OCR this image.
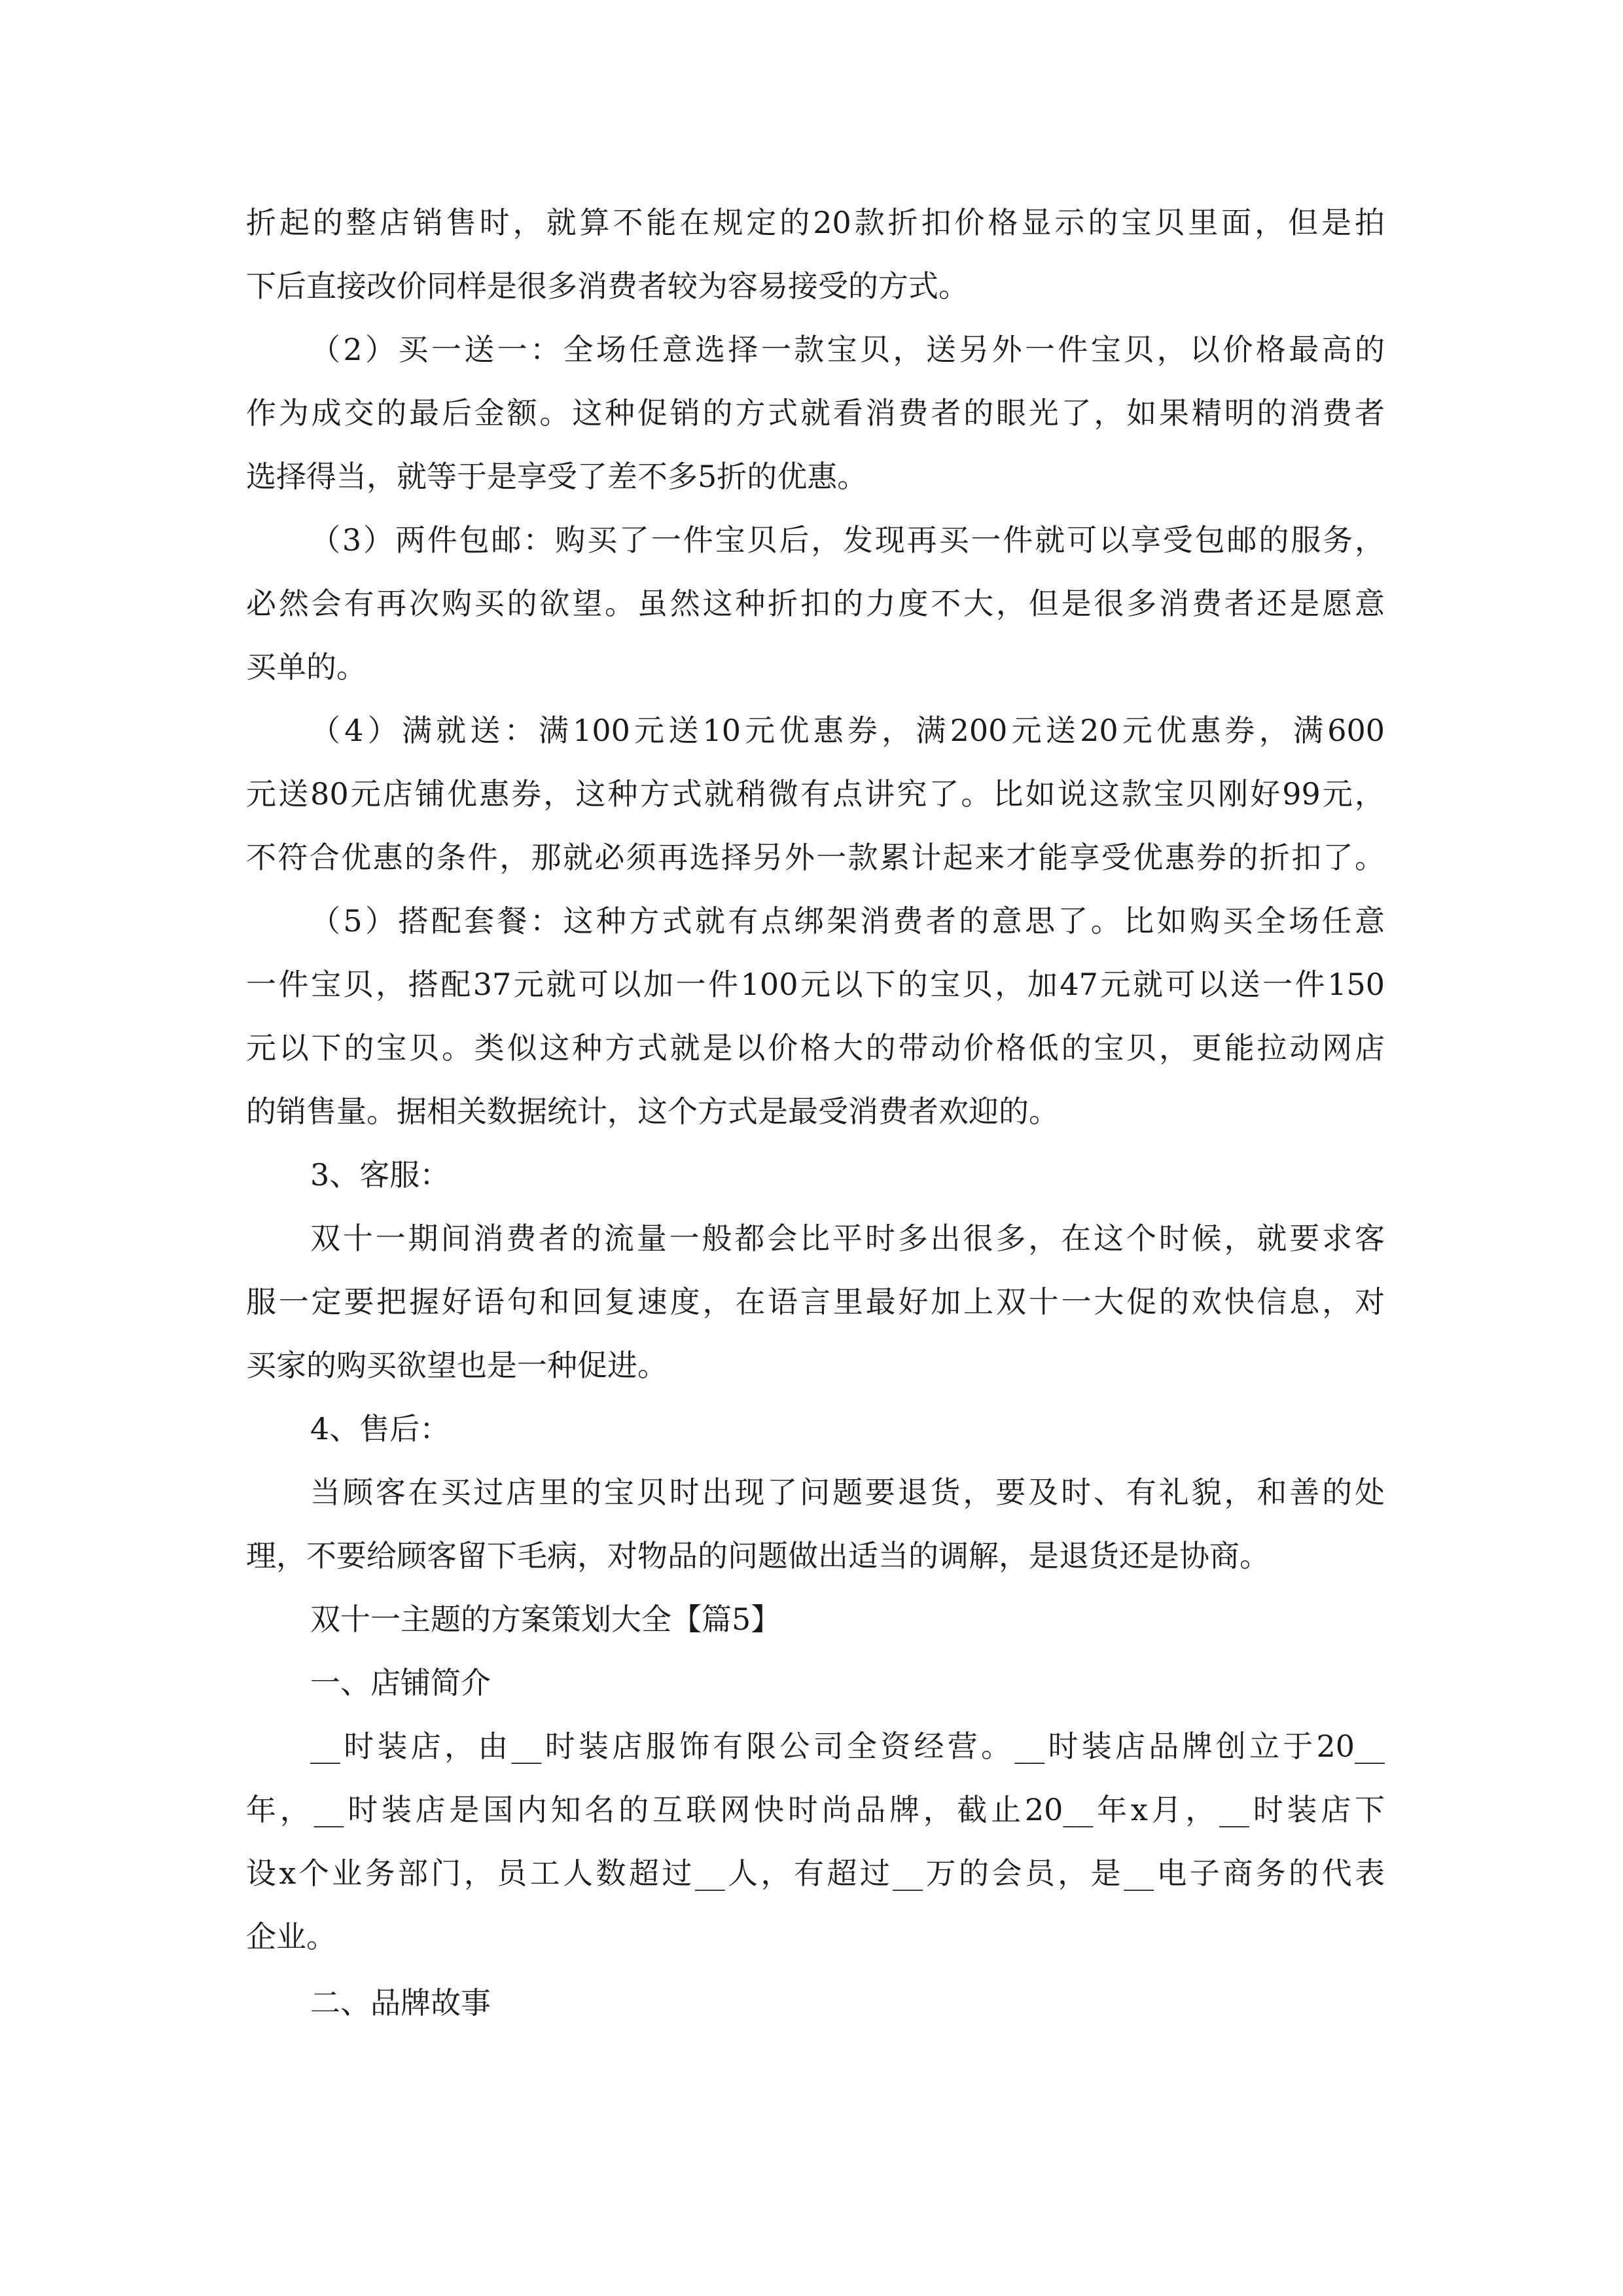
折起的整店销售时，就算不能在规定的20款折扣价格显示的宝贝里面，但是拍

下后直接改价同样是很多消费者较为容易接受的方式。

（2）买一送一：全场任意选择一款宝贝，送另外一件宝贝，以价格最高的

作为成交的最后金额。这种促销的方式就看消费者的眼光了，如果精明的消费者

选择得当，就等于是享受了差不多5折的优惠。

（3）两件包邮：购买了一件宝贝后，发现再买一件就可以享受包邮的服务，

必然会有再次购买的欲望。虽然这种折扣的力度不大，但是很多消费者还是愿意

买单的。

（4）满就送：满100元送10元优惠券，满200元送20元优惠券，满600

元送80元店铺优惠券，这种方式就稍微有点讲究了。比如说这款宝贝刚好99元，

不符合优惠的条件，那就必须再选择另外一款累计起来才能享受优惠券的折扣了。

（5）搭配套餐：这种方式就有点绑架消费者的意思了。比如购买全场任意

一件宝贝，搭配37元就可以加一件100元以下的宝贝，加47元就可以送一件150

元以下的宝贝。类似这种方式就是以价格大的带动价格低的宝贝，更能拉动网店

的销售量。据相关数据统计，这个方式是最受消费者欢迎的。

3、客服：

双十一期间消费者的流量一般都会比平时多出很多，在这个时候，就要求客

服一定要把握好语句和回复速度，在语言里最好加上双十一大促的欢快信息，对

买家的购买欲望也是一种促进。

4、售后：

当顾客在买过店里的宝贝时出现了问题要退货，要及时、有礼貌，和善的处

理，不要给顾客留下毛病，对物品的问题做出适当的调解，是退货还是协商。

双十一主题的方案策划大全【篇5】

一、店铺简介

__时装店，由__时装店服饰有限公司全资经营。__时装店品牌创立于20__

年，__时装店是国内知名的互联网快时尚品牌，截止20__年x月，__时装店下

设x个业务部门，员工人数超过__人，有超过__万的会员，是__电子商务的代表

企业。

二、品牌故事
